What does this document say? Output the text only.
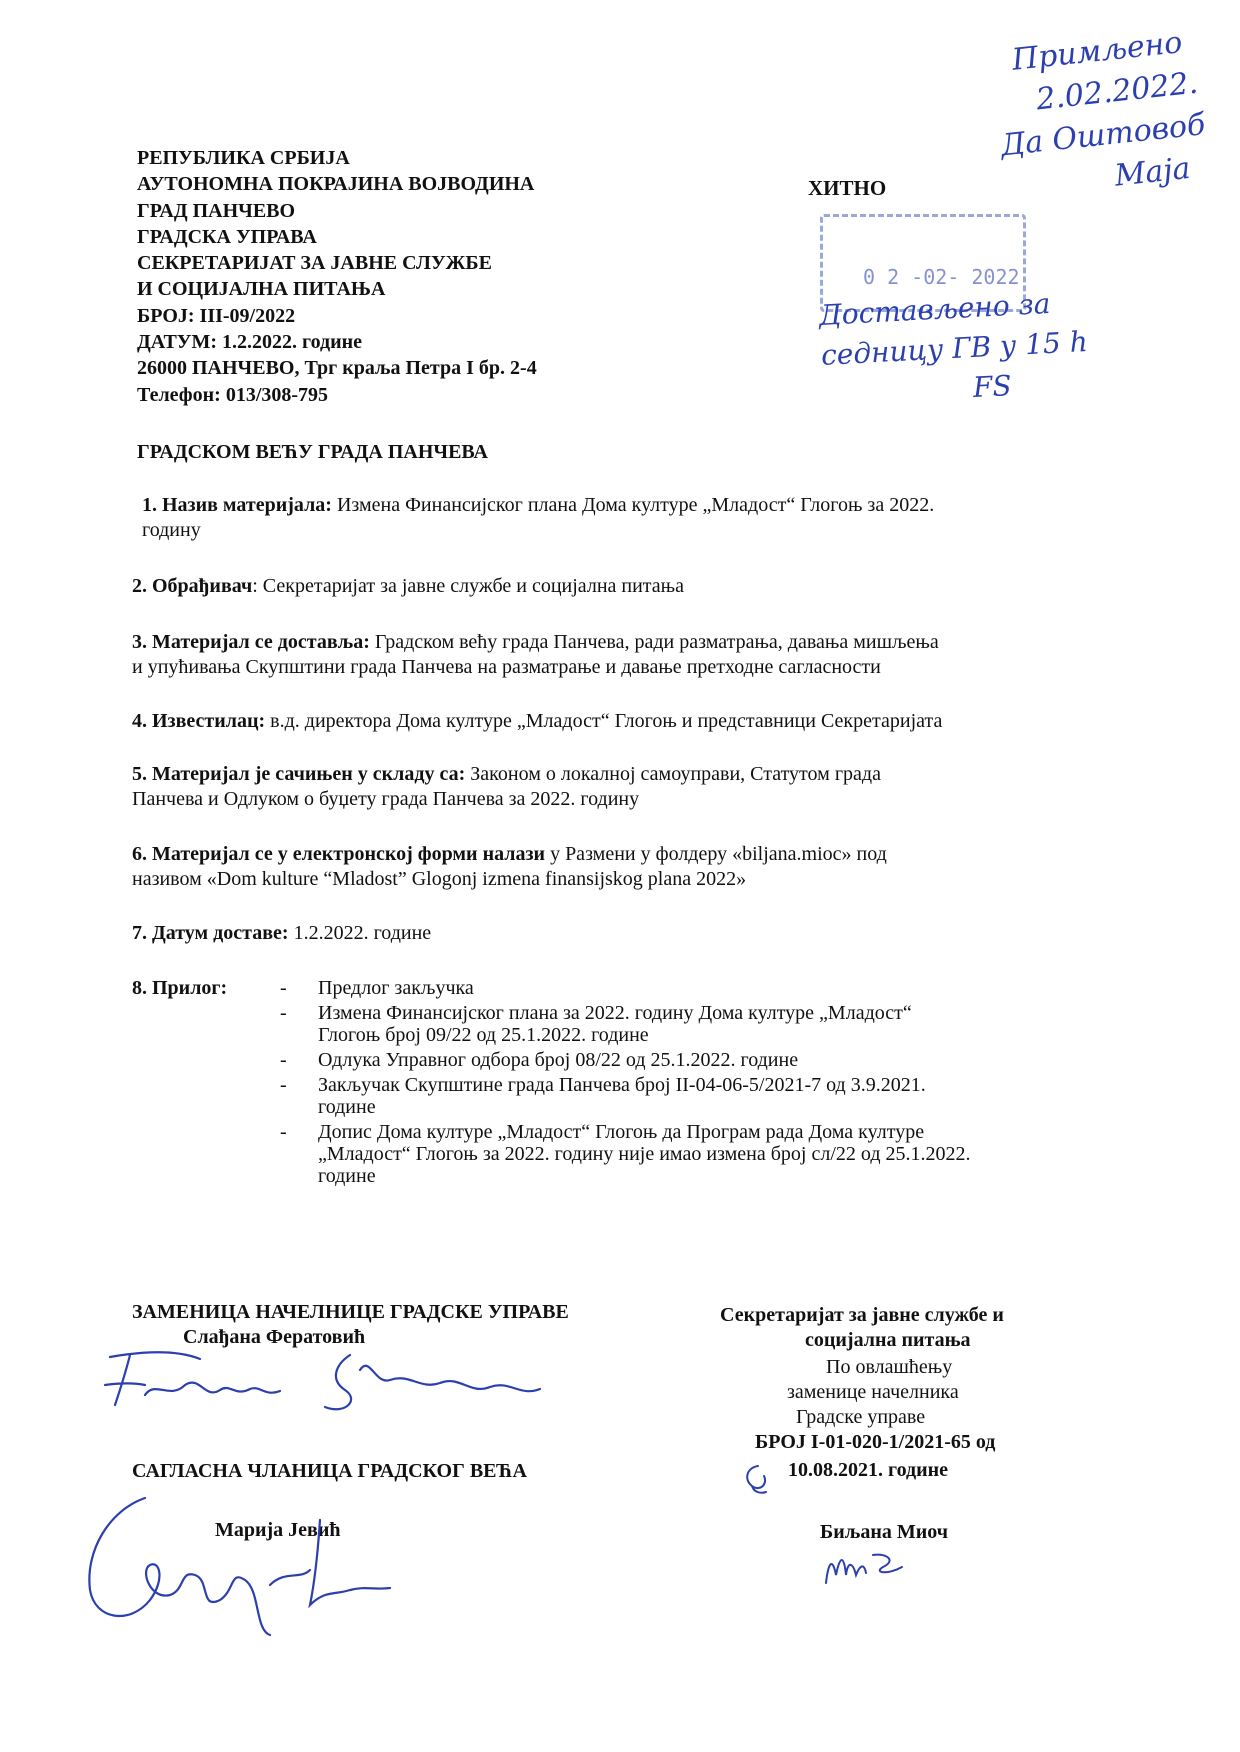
РЕПУБЛИКА СРБИЈА
АУТОНОМНА ПОКРАЈИНА ВОЈВОДИНА
ГРАД ПАНЧЕВО
ГРАДСКА УПРАВА
СЕКРЕТАРИЈАТ ЗА ЈАВНЕ СЛУЖБЕ
И СОЦИЈАЛНА ПИТАЊА
БРОЈ: III-09/2022
ДАТУМ: 1.2.2022. године
26000 ПАНЧЕВО, Трг краља Петра I бр. 2-4
Телефон: 013/308-795
ХИТНО
Примљено
2.02.2022.
Да Оштовоб
Маја
0 2 -02- 2022
Достављено за
седницу ГВ у 15 h
FS
ГРАДСКОМ ВЕЋУ ГРАДА ПАНЧЕВА
1. Назив материјала: Измена Финансијског плана Дома културе „Младост“ Глогоњ за 2022.
годину
2. Обрађивач: Секретаријат за јавне службе и социјална питања
3. Материјал се доставља: Градском већу града Панчева, ради разматрања, давања мишљења
и упућивања Скупштини града Панчева на разматрање и давање претходне сагласности
4. Известилац: в.д. директора Дома културе „Младост“ Глогоњ и представници Секретаријата
5. Материјал је сачињен у складу са: Законом о локалној самоуправи, Статутом града
Панчева и Одлуком о буџету града Панчева за 2022. годину
6. Материјал се у електронској форми налази у Размени у фолдеру «biljana.mioc» под
називом «Dom kulture “Mladost” Glogonj izmena finansijskog plana 2022»
7. Датум доставе: 1.2.2022. године
8. Прилог:
-	Предлог закључка
- Измена Финансијског плана за 2022. годину Дома културе „Младост“
Глогоњ број 09/22 од 25.1.2022. године
- Одлука Управног одбора број 08/22 од 25.1.2022. године
- Закључак Скупштине града Панчева број II-04-06-5/2021-7 од 3.9.2021.
године
- Допис Дома културе „Младост“ Глогоњ да Програм рада Дома културе
„Младост“ Глогоњ за 2022. годину није имао измена број сл/22 од 25.1.2022.
године
ЗАМЕНИЦА НАЧЕЛНИЦЕ ГРАДСКЕ УПРАВЕ
Слађана Фератовић
САГЛАСНА ЧЛАНИЦА ГРАДСКОГ ВЕЋА
Марија Јевић
Секретаријат за јавне службе и
социјална питања
По овлашћењу
заменице начелника
Градске управе
БРОЈ I-01-020-1/2021-65 од
10.08.2021. године
Биљана Миоч
